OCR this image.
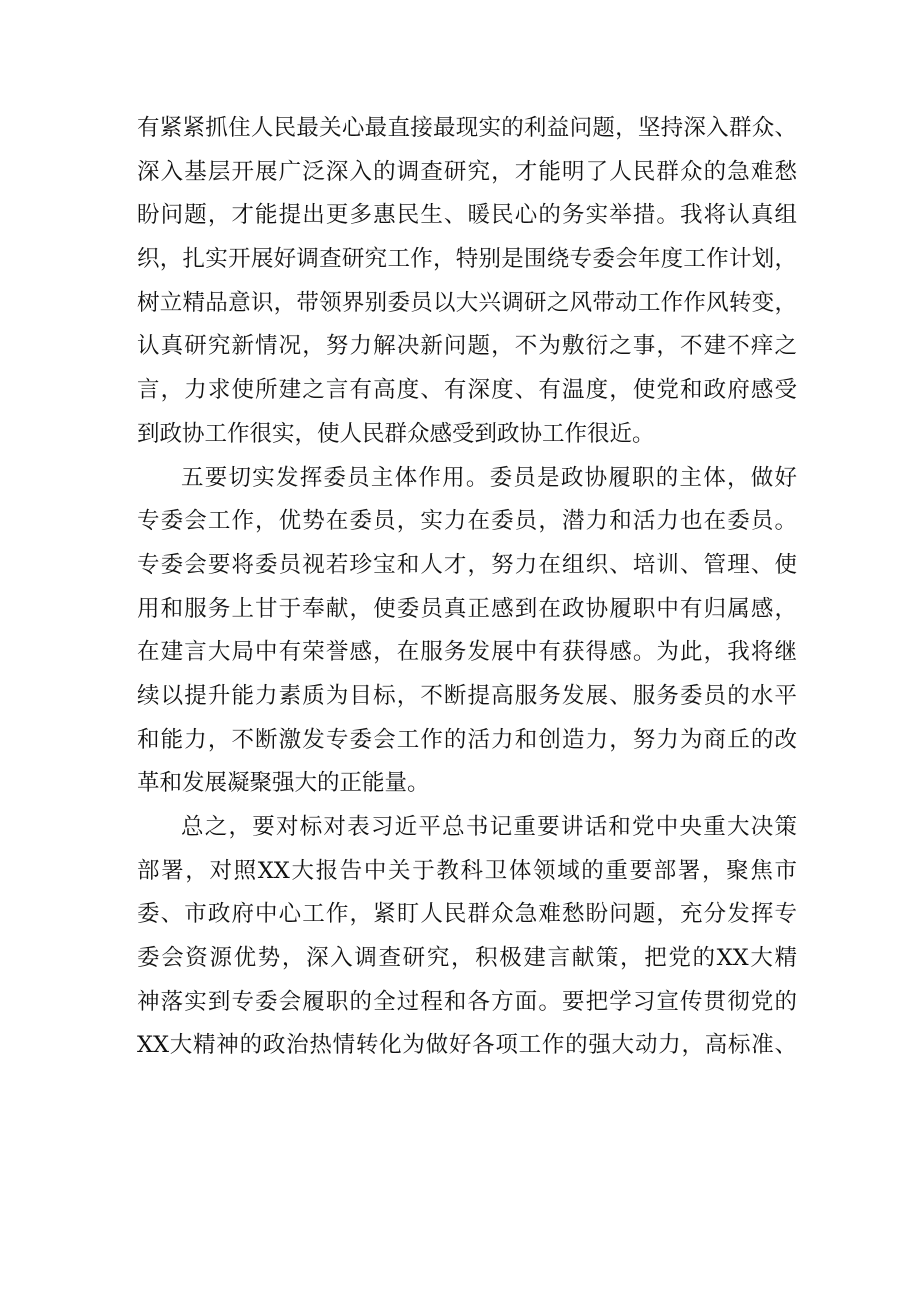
有紧紧抓住人民最关心最直接最现实的利益问题，坚持深入群众、
深入基层开展广泛深入的调查研究，才能明了人民群众的急难愁
盼问题，才能提出更多惠民生、暖民心的务实举措。我将认真组
织，扎实开展好调查研究工作，特别是围绕专委会年度工作计划，
树立精品意识，带领界别委员以大兴调研之风带动工作作风转变，
认真研究新情况，努力解决新问题，不为敷衍之事，不建不痒之
言，力求使所建之言有高度、有深度、有温度，使党和政府感受
到政协工作很实，使人民群众感受到政协工作很近。
五要切实发挥委员主体作用。委员是政协履职的主体，做好
专委会工作，优势在委员，实力在委员，潜力和活力也在委员。
专委会要将委员视若珍宝和人才，努力在组织、培训、管理、使
用和服务上甘于奉献，使委员真正感到在政协履职中有归属感，
在建言大局中有荣誉感，在服务发展中有获得感。为此，我将继
续以提升能力素质为目标，不断提高服务发展、服务委员的水平
和能力，不断激发专委会工作的活力和创造力，努力为商丘的改
革和发展凝聚强大的正能量。
总之，要对标对表习近平总书记重要讲话和党中央重大决策
部署，对照XX大报告中关于教科卫体领域的重要部署，聚焦市
委、市政府中心工作，紧盯人民群众急难愁盼问题，充分发挥专
委会资源优势，深入调查研究，积极建言献策，把党的XX大精
神落实到专委会履职的全过程和各方面。要把学习宣传贯彻党的
XX大精神的政治热情转化为做好各项工作的强大动力，高标准、
